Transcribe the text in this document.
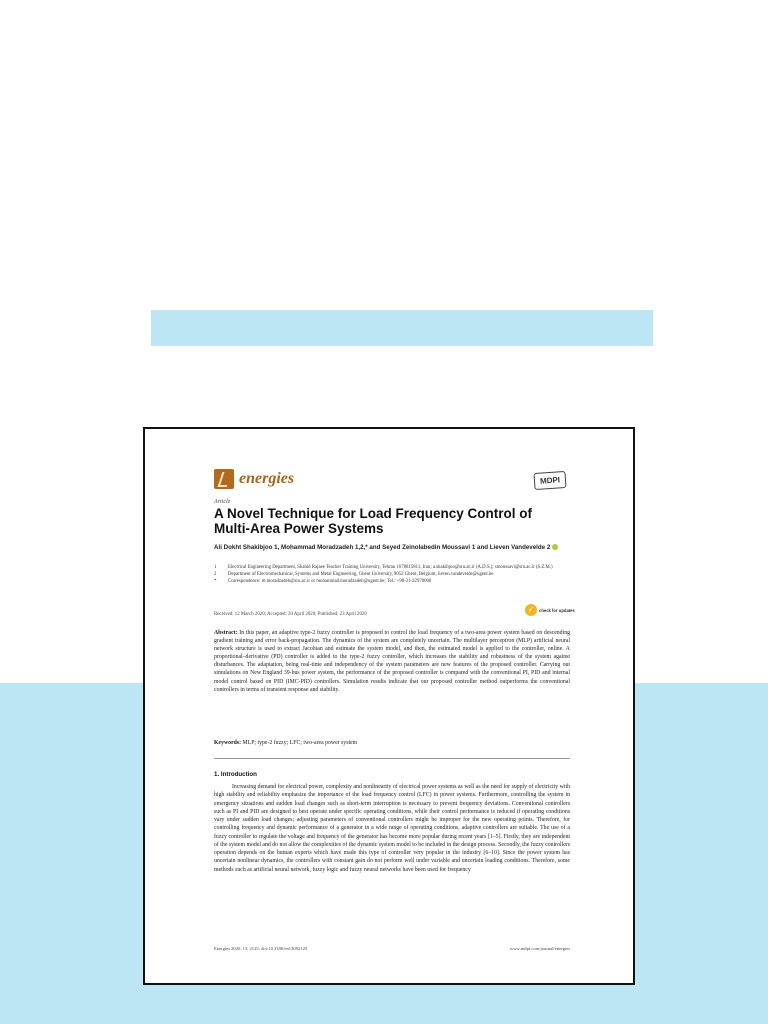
energies	MDPI
Article
A Novel Technique for Load Frequency Control of Multi-Area Power Systems
Ali Dokht Shakibjoo 1, Mohammad Moradzadeh 1,2,* and Seyed Zeinolabedin Moussavi 1 and Lieven Vandevelde 2
1	Electrical Engineering Department, Shahid Rajaee Teacher Training University, Tehran 1678815811, Iran; a.shakibjoo@sru.ac.ir (A.D.S.); smoussavi@sru.ac.ir (S.Z.M.)
2	Department of Electromechanical, Systems and Metal Engineering, Ghent University, 9052 Ghent, Belgium; lieven.vandevelde@ugent.be
*	Correspondence: m.moradzadeh@sru.ac.ir or mohammad.moradzadeh@ugent.be; Tel.: +98-21-22970006
Received: 12 March 2020; Accepted: 20 April 2020; Published: 23 April 2020
✓	check for updates
Abstract: In this paper, an adaptive type-2 fuzzy controller is proposed to control the load frequency of a two-area power system based on descending gradient training and error back-propagation. The dynamics of the system are completely uncertain. The multilayer perceptron (MLP) artificial neural network structure is used to extract Jacobian and estimate the system model, and then, the estimated model is applied to the controller, online. A proportional–derivative (PD) controller is added to the type-2 fuzzy controller, which increases the stability and robustness of the system against disturbances. The adaptation, being real-time and independency of the system parameters are new features of the proposed controller. Carrying out simulations on New England 39-bus power system, the performance of the proposed controller is compared with the conventional PI, PID and internal model control based on PID (IMC-PID) controllers. Simulation results indicate that our proposed controller method outperforms the conventional controllers in terms of transient response and stability.
Keywords: MLP; type-2 fuzzy; LFC; two-area power system
1. Introduction
Increasing demand for electrical power, complexity and nonlinearity of electrical power systems as well as the need for supply of electricity with high stability and reliability emphasize the importance of the load frequency control (LFC) in power systems. Furthermore, controlling the system in emergency situations and sudden load changes such as short-term interruption is necessary to prevent frequency deviations. Conventional controllers such as PI and PID are designed to best operate under specific operating conditions, while their control performance is reduced if operating conditions vary under sudden load changes; adjusting parameters of conventional controllers might be improper for the new operating points. Therefore, for controlling frequency and dynamic performance of a generator in a wide range of operating conditions, adaptive controllers are suitable. The use of a fuzzy controller to regulate the voltage and frequency of the generator has become more popular during recent years [1–5]. Firstly, they are independent of the system model and do not allow the complexities of the dynamic system model to be included in the design process. Secondly, the fuzzy controllers operation depends on the human experts which have made this type of controller very popular in the industry [6–10]. Since the power system has uncertain nonlinear dynamics, the controllers with constant gain do not perform well under variable and uncertain loading conditions. Therefore, some methods such as artificial neural network, fuzzy logic and fuzzy neural networks have been used for frequency
Energies 2020, 13, 2125; doi:10.3390/en13092125	www.mdpi.com/journal/energies
